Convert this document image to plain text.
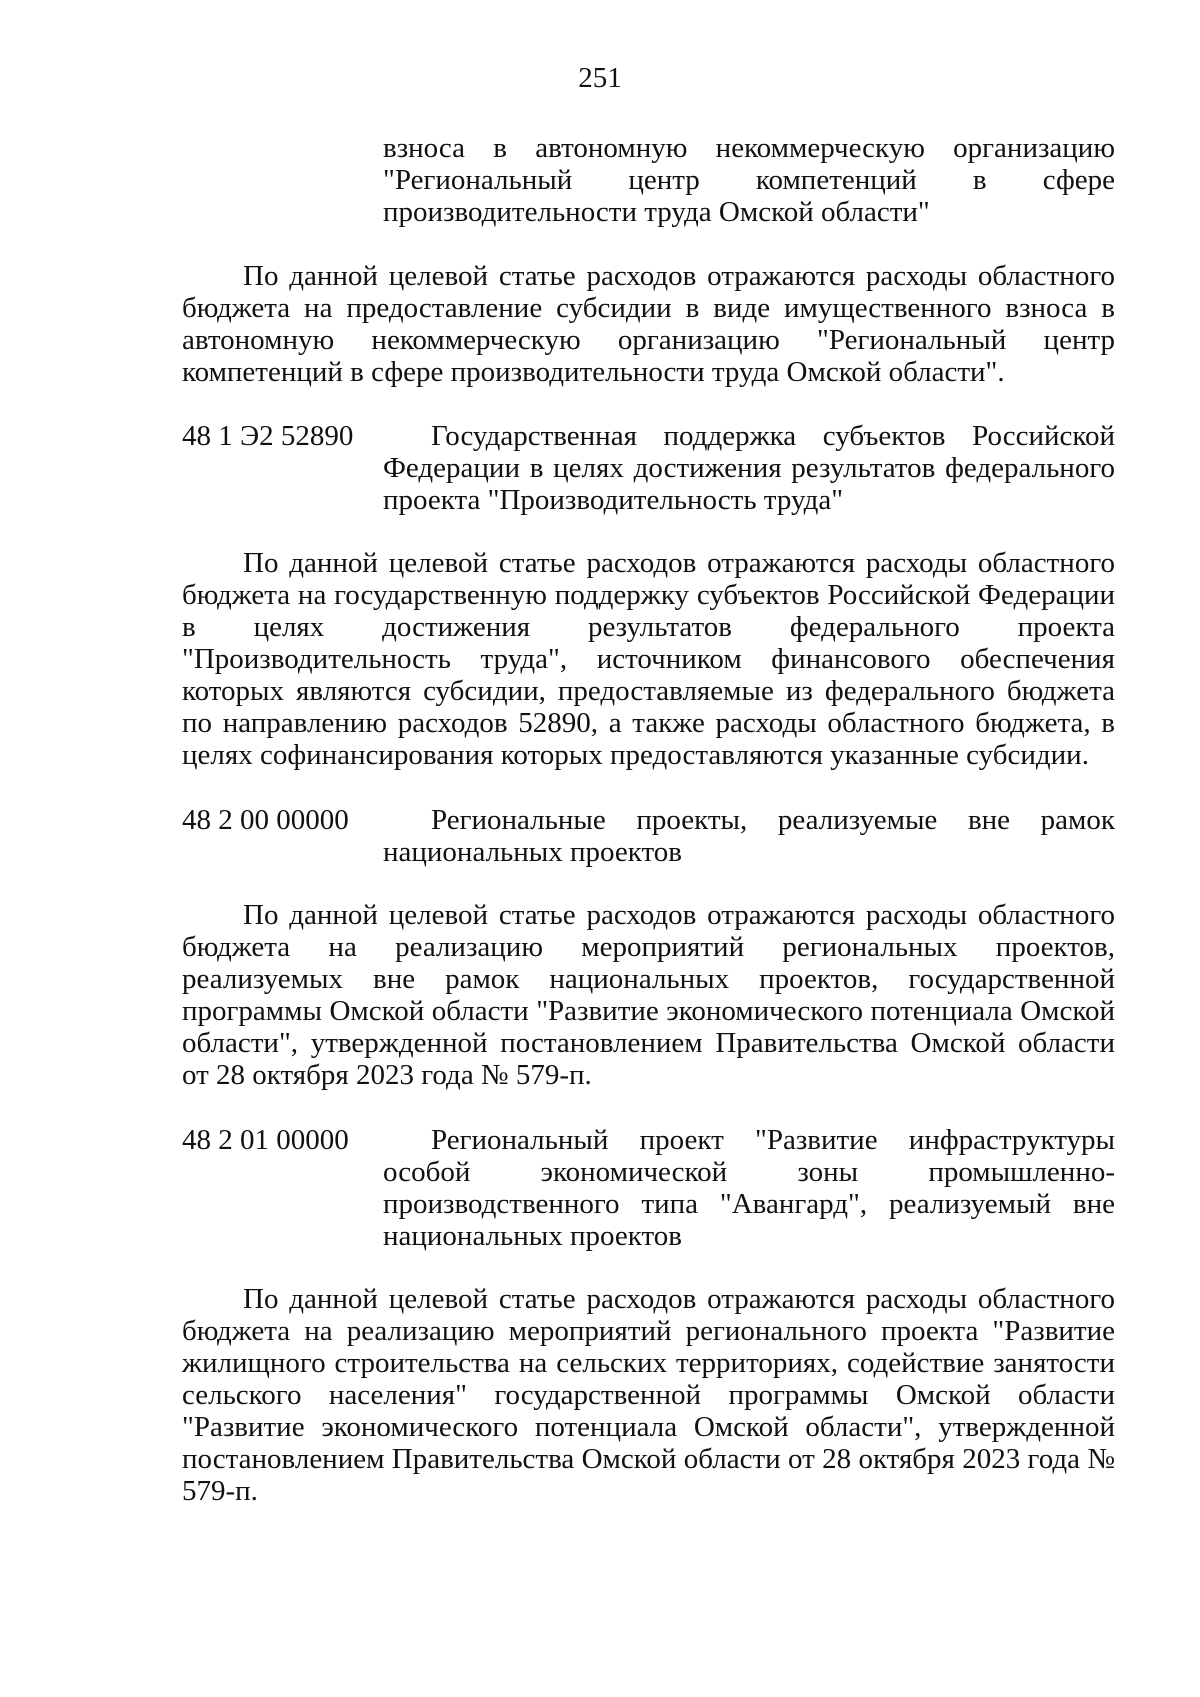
251

взноса в автономную некоммерческую организацию "Региональный центр компетенций в сфере производительности труда Омской области"

По данной целевой статье расходов отражаются расходы областного бюджета на предоставление субсидии в виде имущественного взноса в автономную некоммерческую организацию "Региональный центр компетенций в сфере производительности труда Омской области".

48 1 Э2 52890	Государственная поддержка субъектов Российской Федерации в целях достижения результатов федерального проекта "Производительность труда"

По данной целевой статье расходов отражаются расходы областного бюджета на государственную поддержку субъектов Российской Федерации в целях достижения результатов федерального проекта "Производительность труда", источником финансового обеспечения которых являются субсидии, предоставляемые из федерального бюджета по направлению расходов 52890, а также расходы областного бюджета, в целях софинансирования которых предоставляются указанные субсидии.

48 2 00 00000	Региональные проекты, реализуемые вне рамок национальных проектов

По данной целевой статье расходов отражаются расходы областного бюджета на реализацию мероприятий региональных проектов, реализуемых вне рамок национальных проектов, государственной программы Омской области "Развитие экономического потенциала Омской области", утвержденной постановлением Правительства Омской области от 28 октября 2023 года № 579-п.

48 2 01 00000	Региональный проект "Развитие инфраструктуры особой экономической зоны промышленно-производственного типа "Авангард", реализуемый вне национальных проектов

По данной целевой статье расходов отражаются расходы областного бюджета на реализацию мероприятий регионального проекта "Развитие жилищного строительства на сельских территориях, содействие занятости сельского населения" государственной программы Омской области "Развитие экономического потенциала Омской области", утвержденной постановлением Правительства Омской области от 28 октября 2023 года № 579-п.
